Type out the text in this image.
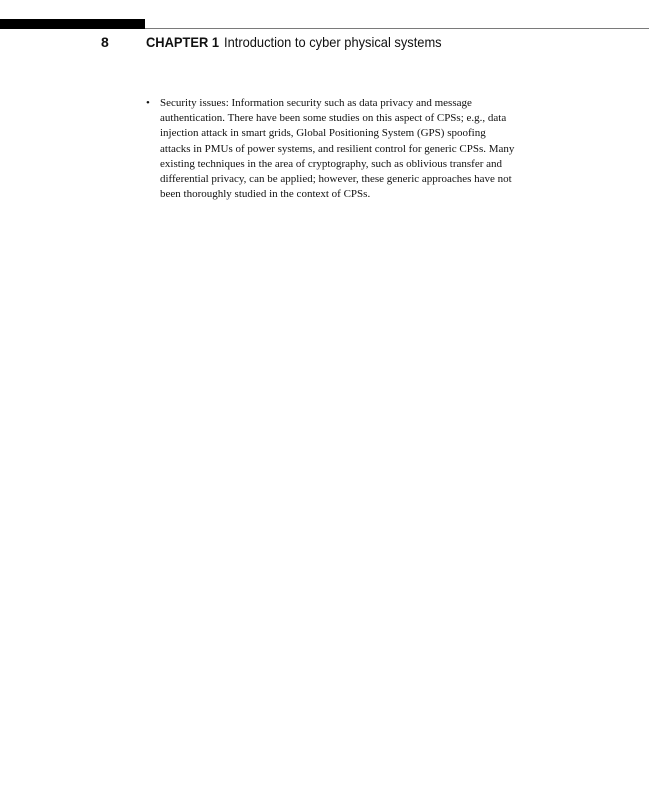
8	CHAPTER 1 Introduction to cyber physical systems
• Security issues: Information security such as data privacy and message
authentication. There have been some studies on this aspect of CPSs; e.g., data
injection attack in smart grids, Global Positioning System (GPS) spoofing
attacks in PMUs of power systems, and resilient control for generic CPSs. Many
existing techniques in the area of cryptography, such as oblivious transfer and
differential privacy, can be applied; however, these generic approaches have not
been thoroughly studied in the context of CPSs.
